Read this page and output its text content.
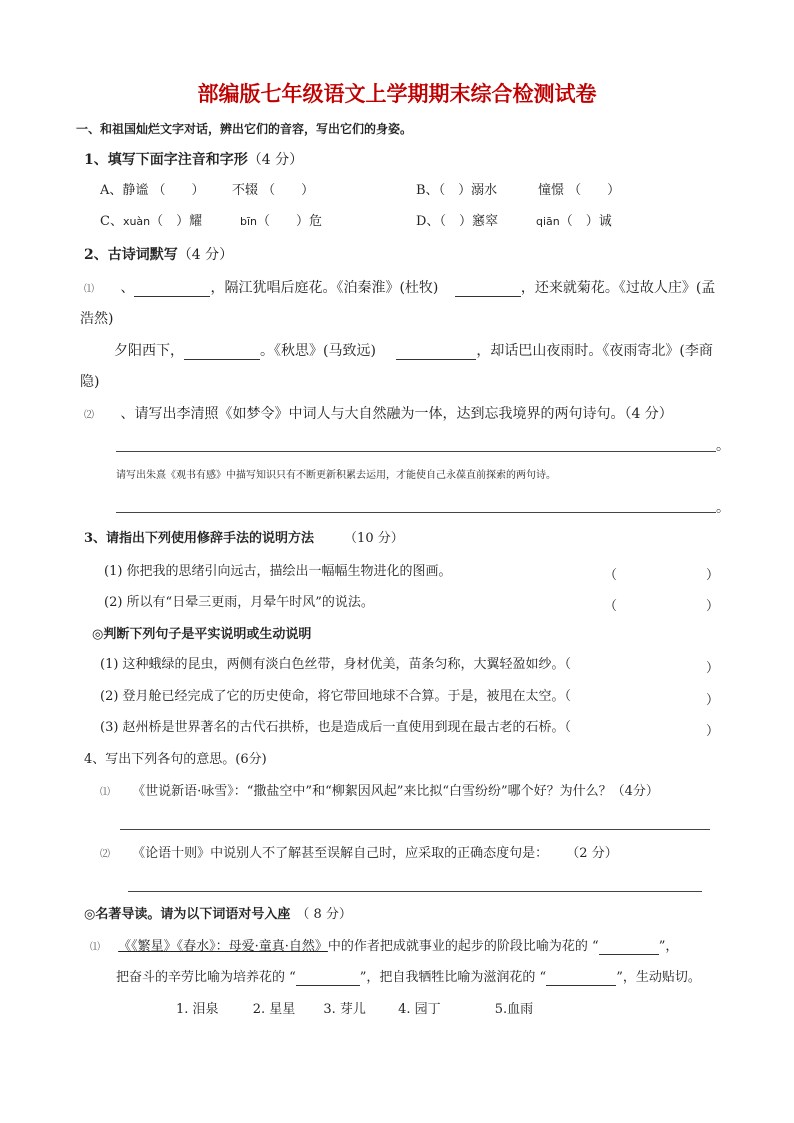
部编版七年级语文上学期期末综合检测试卷
一、和祖国灿烂文字对话，辨出它们的音容，写出它们的身姿。
1、填写下面字注音和字形（4 分）
A、静谧 （　　） 不辍 （　　）	B、（　）溺水	憧憬 （　　）
C、xuàn（　）耀	bīn（　　）危	D、（　）窸窣	qiān（　）诚
2、古诗词默写（4 分）
⑴ 、	，隔江犹唱后庭花。《泊秦淮》(杜牧)	，还来就菊花。《过故人庄》(孟
浩然)
夕阳西下，	。《秋思》(马致远)	，却话巴山夜雨时。《夜雨寄北》(李商
隐)
⑵ 、请写出李清照《如梦令》中词人与大自然融为一体，达到忘我境界的两句诗句。（4 分）
。
请写出朱熹《观书有感》中描写知识只有不断更新积累去运用，才能使自己永葆直前探索的两句诗。
。
3、请指出下列使用修辞手法的说明方法 （10 分）
(1) 你把我的思绪引向远古，描绘出一幅幅生物进化的图画。	（	）
(2) 所以有“日晕三更雨，月晕午时风”的说法。	（	）
◎判断下列句子是平实说明或生动说明
(1) 这种蛾绿的昆虫，两侧有淡白色丝带，身材优美，苗条匀称，大翼轻盈如纱。（	）
(2) 登月舱已经完成了它的历史使命，将它带回地球不合算。于是，被甩在太空。（	）
(3) 赵州桥是世界著名的古代石拱桥，也是造成后一直使用到现在最古老的石桥。（	）
4、写出下列各句的意思。(6分)
⑴ 《世说新语·咏雪》：“撒盐空中”和“柳絮因风起”来比拟“白雪纷纷”哪个好？为什么？（4分）
⑵ 《论语十则》中说别人不了解甚至误解自己时，应采取的正确态度句是： （2 分）
◎名著导读。请为以下词语对号入座 （ 8 分）
⑴ 《《繁星》《春水》：母爱·童真·自然》中的作者把成就事业的起步的阶段比喻为花的 “	”，
把奋斗的辛劳比喻为培养花的 “	”，把自我牺牲比喻为滋润花的 “	”，生动贴切。
1. 泪泉	2. 星星 3. 芽儿 4. 园丁	5.血雨
